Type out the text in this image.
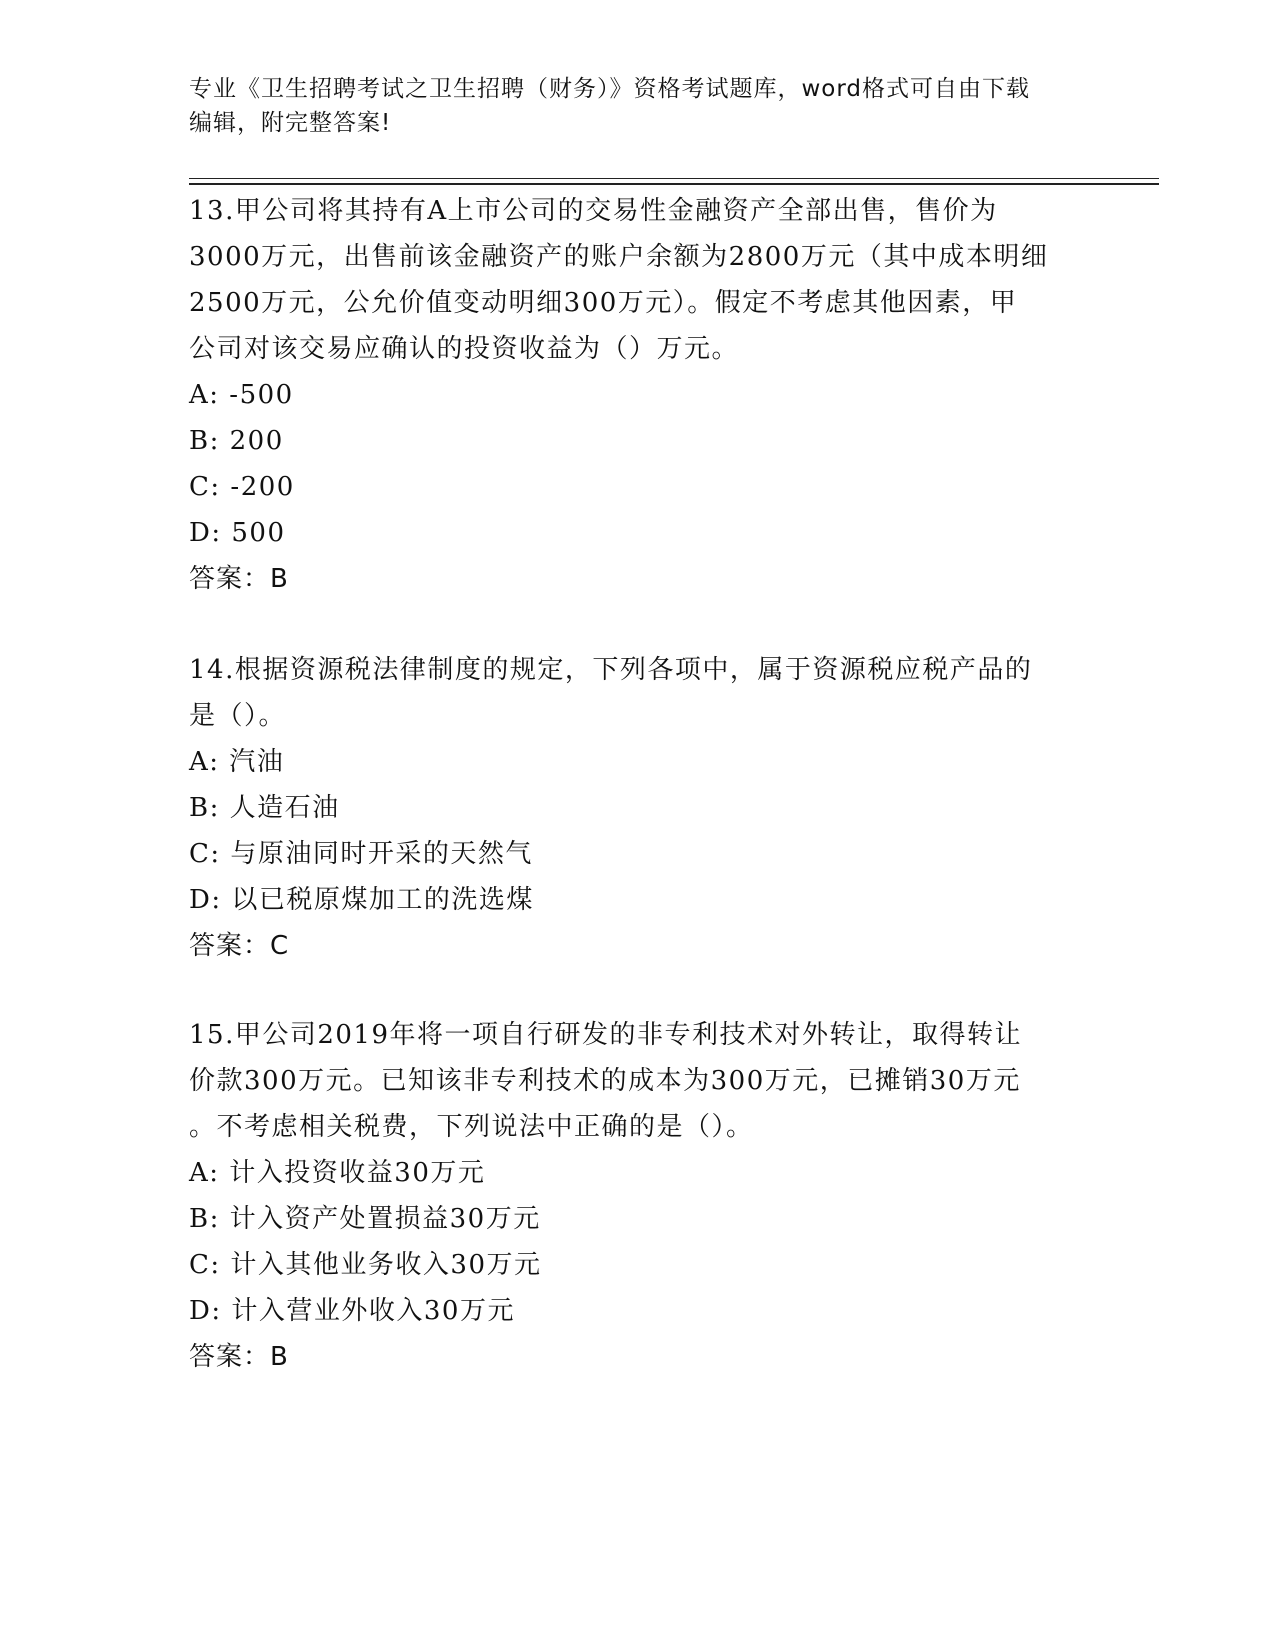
专业《卫生招聘考试之卫生招聘（财务）》资格考试题库，word格式可自由下载
编辑，附完整答案!
13.甲公司将其持有A上市公司的交易性金融资产全部出售，售价为
3000万元，出售前该金融资产的账户余额为2800万元（其中成本明细
2500万元，公允价值变动明细300万元）。假定不考虑其他因素，甲
公司对该交易应确认的投资收益为（）万元。
A: -500
B: 200
C: -200
D: 500
答案：B
14.根据资源税法律制度的规定，下列各项中，属于资源税应税产品的
是（）。
A: 汽油
B: 人造石油
C: 与原油同时开采的天然气
D: 以已税原煤加工的洗选煤
答案：C
15.甲公司2019年将一项自行研发的非专利技术对外转让，取得转让
价款300万元。已知该非专利技术的成本为300万元，已摊销30万元
。不考虑相关税费，下列说法中正确的是（）。
A: 计入投资收益30万元
B: 计入资产处置损益30万元
C: 计入其他业务收入30万元
D: 计入营业外收入30万元
答案：B
